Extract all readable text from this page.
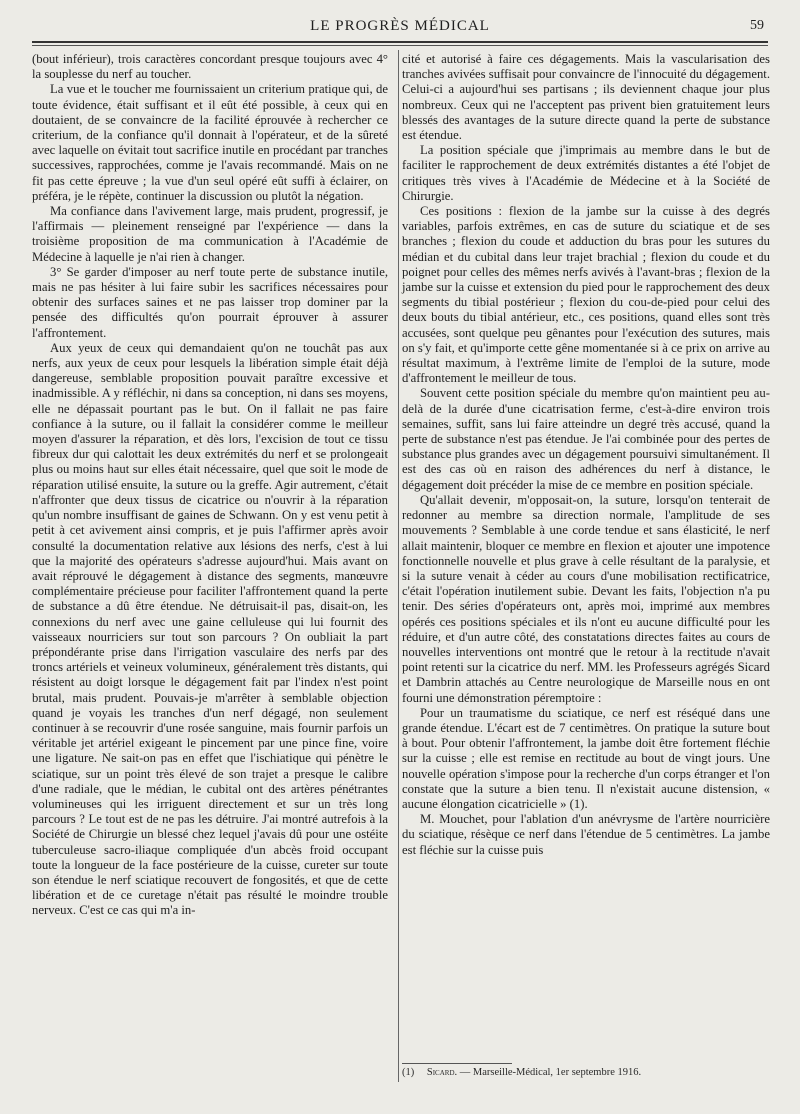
LE PROGRÈS MÉDICAL	59

(bout inférieur), trois caractères concordant presque toujours avec 4° la souplesse du nerf au toucher.

La vue et le toucher me fournissaient un criterium pratique qui, de toute évidence, était suffisant et il eût été possible, à ceux qui en doutaient, de se convaincre de la facilité éprouvée à rechercher ce criterium, de la confiance qu'il donnait à l'opérateur, et de la sûreté avec laquelle on évitait tout sacrifice inutile en procédant par tranches successives, rapprochées, comme je l'avais recommandé. Mais on ne fit pas cette épreuve ; la vue d'un seul opéré eût suffi à éclairer, on préféra, je le répète, continuer la discussion ou plutôt la négation.

Ma confiance dans l'avivement large, mais prudent, progressif, je l'affirmais — pleinement renseigné par l'expérience — dans la troisième proposition de ma communication à l'Académie de Médecine à laquelle je n'ai rien à changer.

3° Se garder d'imposer au nerf toute perte de substance inutile, mais ne pas hésiter à lui faire subir les sacrifices nécessaires pour obtenir des surfaces saines et ne pas laisser trop dominer par la pensée des difficultés qu'on pourrait éprouver à assurer l'affrontement.

Aux yeux de ceux qui demandaient qu'on ne touchât pas aux nerfs, aux yeux de ceux pour lesquels la libération simple était déjà dangereuse, semblable proposition pouvait paraître excessive et inadmissible. A y réfléchir, ni dans sa conception, ni dans ses moyens, elle ne dépassait pourtant pas le but. On il fallait ne pas faire confiance à la suture, ou il fallait la considérer comme le meilleur moyen d'assurer la réparation, et dès lors, l'excision de tout ce tissu fibreux dur qui calottait les deux extrémités du nerf et se prolongeait plus ou moins haut sur elles était nécessaire, quel que soit le mode de réparation utilisé ensuite, la suture ou la greffe. Agir autrement, c'était n'affronter que deux tissus de cicatrice ou n'ouvrir à la réparation qu'un nombre insuffisant de gaines de Schwann. On y est venu petit à petit à cet avivement ainsi compris, et je puis l'affirmer après avoir consulté la documentation relative aux lésions des nerfs, c'est à lui que la majorité des opérateurs s'adresse aujourd'hui. Mais avant on avait réprouvé le dégagement à distance des segments, manœuvre complémentaire précieuse pour faciliter l'affrontement quand la perte de substance a dû être étendue. Ne détruisait-il pas, disait-on, les connexions du nerf avec une gaine celluleuse qui lui fournit des vaisseaux nourriciers sur tout son parcours ? On oubliait la part prépondérante prise dans l'irrigation vasculaire des nerfs par des troncs artériels et veineux volumineux, généralement très distants, qui résistent au doigt lorsque le dégagement fait par l'index n'est point brutal, mais prudent. Pouvais-je m'arrêter à semblable objection quand je voyais les tranches d'un nerf dégagé, non seulement continuer à se recouvrir d'une rosée sanguine, mais fournir parfois un véritable jet artériel exigeant le pincement par une pince fine, voire une ligature. Ne sait-on pas en effet que l'ischiatique qui pénètre le sciatique, sur un point très élevé de son trajet a presque le calibre d'une radiale, que le médian, le cubital ont des artères pénétrantes volumineuses qui les irriguent directement et sur un très long parcours ? Le tout est de ne pas les détruire. J'ai montré autrefois à la Société de Chirurgie un blessé chez lequel j'avais dû pour une ostéite tuberculeuse sacro-iliaque compliquée d'un abcès froid occupant toute la longueur de la face postérieure de la cuisse, cureter sur toute son étendue le nerf sciatique recouvert de fongosités, et que de cette libération et de ce curetage n'était pas résulté le moindre trouble nerveux. C'est ce cas qui m'a in-

cité et autorisé à faire ces dégagements. Mais la vascularisation des tranches avivées suffisait pour convaincre de l'innocuité du dégagement. Celui-ci a aujourd'hui ses partisans ; ils deviennent chaque jour plus nombreux. Ceux qui ne l'acceptent pas privent bien gratuitement leurs blessés des avantages de la suture directe quand la perte de substance est étendue.

La position spéciale que j'imprimais au membre dans le but de faciliter le rapprochement de deux extrémités distantes a été l'objet de critiques très vives à l'Académie de Médecine et à la Société de Chirurgie.

Ces positions : flexion de la jambe sur la cuisse à des degrés variables, parfois extrêmes, en cas de suture du sciatique et de ses branches ; flexion du coude et adduction du bras pour les sutures du médian et du cubital dans leur trajet brachial ; flexion du coude et du poignet pour celles des mêmes nerfs avivés à l'avant-bras ; flexion de la jambe sur la cuisse et extension du pied pour le rapprochement des deux segments du tibial postérieur ; flexion du cou-de-pied pour celui des deux bouts du tibial antérieur, etc., ces positions, quand elles sont très accusées, sont quelque peu gênantes pour l'exécution des sutures, mais on s'y fait, et qu'importe cette gêne momentanée si à ce prix on arrive au résultat maximum, à l'extrême limite de l'emploi de la suture, mode d'affrontement le meilleur de tous.

Souvent cette position spéciale du membre qu'on maintient peu au-delà de la durée d'une cicatrisation ferme, c'est-à-dire environ trois semaines, suffit, sans lui faire atteindre un degré très accusé, quand la perte de substance n'est pas étendue. Je l'ai combinée pour des pertes de substance plus grandes avec un dégagement poursuivi simultanément. Il est des cas où en raison des adhérences du nerf à distance, le dégagement doit précéder la mise de ce membre en position spéciale.

Qu'allait devenir, m'opposait-on, la suture, lorsqu'on tenterait de redonner au membre sa direction normale, l'amplitude de ses mouvements ? Semblable à une corde tendue et sans élasticité, le nerf allait maintenir, bloquer ce membre en flexion et ajouter une impotence fonctionnelle nouvelle et plus grave à celle résultant de la paralysie, et si la suture venait à céder au cours d'une mobilisation rectificatrice, c'était l'opération inutilement subie. Devant les faits, l'objection n'a pu tenir. Des séries d'opérateurs ont, après moi, imprimé aux membres opérés ces positions spéciales et ils n'ont eu aucune difficulté pour les réduire, et d'un autre côté, des constatations directes faites au cours de nouvelles interventions ont montré que le retour à la rectitude n'avait point retenti sur la cicatrice du nerf. MM. les Professeurs agrégés Sicard et Dambrin attachés au Centre neurologique de Marseille nous en ont fourni une démonstration péremptoire :

Pour un traumatisme du sciatique, ce nerf est réséqué dans une grande étendue. L'écart est de 7 centimètres. On pratique la suture bout à bout. Pour obtenir l'affrontement, la jambe doit être fortement fléchie sur la cuisse ; elle est remise en rectitude au bout de vingt jours. Une nouvelle opération s'impose pour la recherche d'un corps étranger et l'on constate que la suture a bien tenu. Il n'existait aucune distension, « aucune élongation cicatricielle » (1).

M. Mouchet, pour l'ablation d'un anévrysme de l'artère nourricière du sciatique, résèque ce nerf dans l'étendue de 5 centimètres. La jambe est fléchie sur la cuisse puis

(1) Sicard. — Marseille-Médical, 1er septembre 1916.
